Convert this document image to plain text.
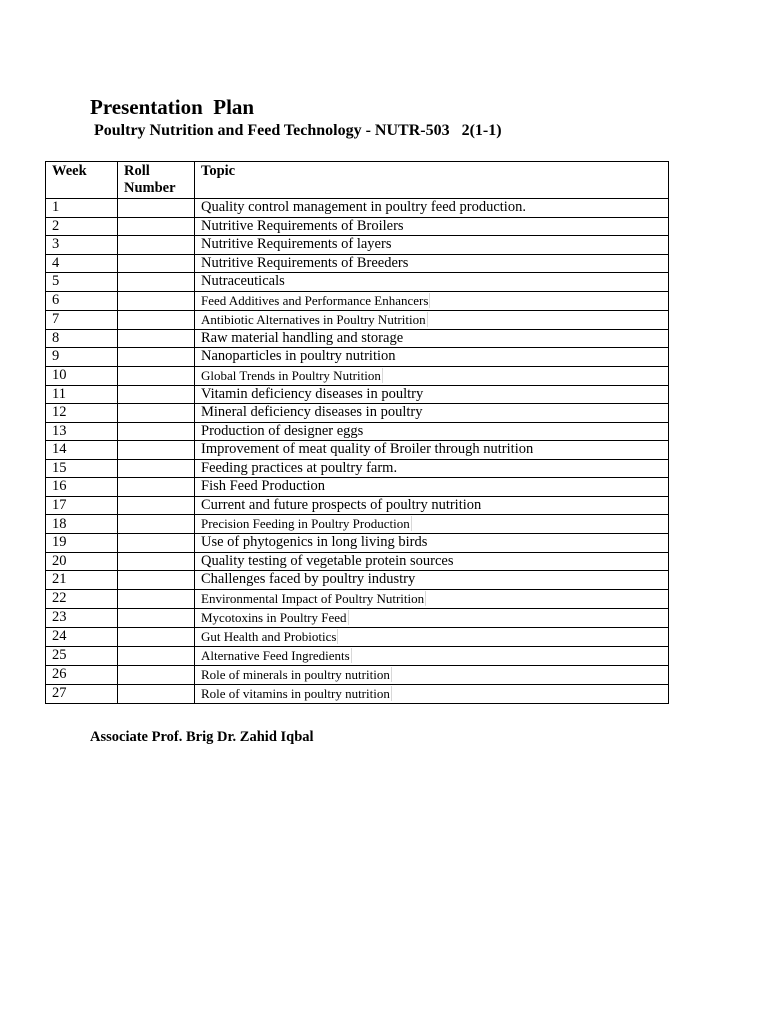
Presentation  Plan
Poultry Nutrition and Feed Technology - NUTR-503   2(1-1)
Week	Roll Number	Topic
1		Quality control management in poultry feed production.
2		Nutritive Requirements of Broilers
3		Nutritive Requirements of layers
4		Nutritive Requirements of Breeders
5		Nutraceuticals
6		Feed Additives and Performance Enhancers
7		Antibiotic Alternatives in Poultry Nutrition
8		Raw material handling and storage
9		Nanoparticles in poultry nutrition
10		Global Trends in Poultry Nutrition
11		Vitamin deficiency diseases in poultry
12		Mineral deficiency diseases in poultry
13		Production of designer eggs
14		Improvement of meat quality of Broiler through nutrition
15		Feeding practices at poultry farm.
16		Fish Feed Production
17		Current and future prospects of poultry nutrition
18		Precision Feeding in Poultry Production
19		Use of phytogenics in long living birds
20		Quality testing of vegetable protein sources
21		Challenges faced by poultry industry
22		Environmental Impact of Poultry Nutrition
23		Mycotoxins in Poultry Feed
24		Gut Health and Probiotics
25		Alternative Feed Ingredients
26		Role of minerals in poultry nutrition
27		Role of vitamins in poultry nutrition
Associate Prof. Brig Dr. Zahid Iqbal
